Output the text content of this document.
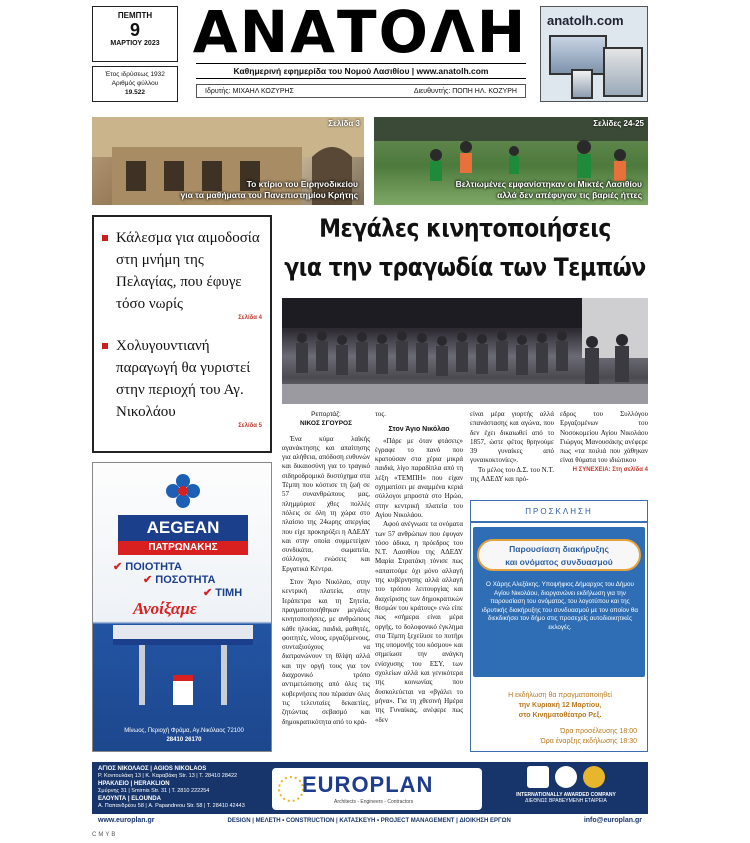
ΠΕΜΠΤΗ
9
ΜΑΡΤΙΟΥ 2023
Έτος ιδρύσεως 1932
Αριθμός φύλλου
19.522
ΑΝΑΤΟΛΗ
Καθημερινή εφημερίδα του Νομού Λασιθίου | www.anatolh.com
Ιδρυτής: ΜΙΧΑΗΛ ΚΟΖΥΡΗΣ	Διευθυντής: ΠΟΠΗ ΗΛ. ΚΟΖΥΡΗ
anatolh.com
Σελίδα 3
Το κτίριο του Ειρηνοδικείου
για τα μαθήματα του Πανεπιστημίου Κρήτης
Σελίδες 24-25
Βελτιωμένες εμφανίστηκαν οι Μικτές Λασιθίου
αλλά δεν απέφυγαν τις βαριές ήττες
Κάλεσμα για αιμοδοσία στη μνήμη της Πελαγίας, που έφυγε τόσο νωρίς
Σελίδα 4
Χολυγουντιανή παραγωγή θα γυριστεί στην περιοχή του Αγ. Νικολάου
Σελίδα 5
AEGEAN
ΠΑΤΡΩΝΑΚΗΣ
✔ ΠΟΙΟΤΗΤΑ
✔ ΠΟΣΟΤΗΤΑ
✔ ΤΙΜΗ
Ανοίξαμε
Μίνωος, Περιοχή Φράμα, Αγ.Νικόλαος 72100
28410 26170
Μεγάλες κινητοποιήσεις
για την τραγωδία των Τεμπών
Ρεπορτάζ:
ΝΙΚΟΣ ΣΓΟΥΡΟΣ

Ένα κύμα λαϊκής αγανάκτησης και απαίτησης για αλήθεια, απόδοση ευθυνών και δικαιοσύνη για το τραγικό σιδηροδρομικό δυστύχημα στα Τέμπη που κόστισε τη ζωή σε 57 συνανθρώπους μας, πλημμύρισε χθες πολλές πόλεις σε όλη τη χώρα στο πλαίσιο της 24ωρης απεργίας που είχε προκηρύξει η ΑΔΕΔΥ και στην οποία συμμετείχαν συνδικάτα, σωματεία, σύλλογοι, ενώσεις και Εργατικά Κέντρα.

Στον Άγιο Νικόλαο, στην κεντρική πλατεία, στην Ιεράπετρα και τη Σητεία, πραγματοποιήθηκαν μεγάλες κινητοποιήσεις, με ανθρώπους κάθε ηλικίας, παιδιά, μαθητές, φοιτητές, νέους, εργαζόμενους, συνταξιούχους να διατρανώνουν τη θλίψη αλλά και την οργή τους για τον διαχρονικό τρόπο αντιμετώπισης από όλες τις κυβερνήσεις που πέρασαν όλες τις τελευταίες δεκαετίες, ζητώντας σεβασμό και δημοκρατικότητα από το κρά-

τος.

Στον Άγιο Νικόλαο

«Πάρε με όταν φτάσεις» έγραφε το πανό που κρατούσαν στα χέρια μικρά παιδιά, λίγο παραδίπλα από τη λέξη «ΤΕΜΠΗ» που είχαν σχηματίσει με αναμμένα κεριά σύλλογοι μπροστά στο Ηρώο, στην κεντρική πλατεία του Αγίου Νικολάου.

Αφού ανέγνωσε τα ονόματα των 57 ανθρώπων που έφυγαν τόσο άδικα, η πρόεδρος του Ν.Τ. Λασιθίου της ΑΔΕΔΥ Μαρία Στρατάκη τόνισε πως «απαιτούμε όχι μόνο αλλαγή της κυβέρνησης αλλά αλλαγή του τρόπου λειτουργίας και διαχείρισης των δημοκρατικών θεσμών του κράτους» ενώ είπε πως «σήμερα είναι μέρα οργής, το δολοφονικό έγκλημα στα Τέμπη ξεχείλισε το ποτήρι της υπομονής του κόσμου» και σημείωσε την ανάγκη ενίσχυσης του ΕΣΥ, των σχολείων αλλά και γενικότερα της κοινωνίας που δυσκολεύεται να «βγάλει το μήνα». Για τη χθεσινή Ημέρα της Γυναίκας, ανέφερε πως «δεν

είναι μέρα γιορτής αλλά επανάστασης και αγώνα, που δεν έχει δικαιωθεί από το 1857, ώστε φέτος θρηνούμε 39 γυναίκες από γυναικοκτονίες».

Το μέλος του Δ.Σ. του Ν.Τ. της ΑΔΕΔΥ και πρό-

εδρος του Συλλόγου Εργαζομένων του Νοσοκομείου Αγίου Νικολάου Γιώργος Μανουσάκης ανέφερε πως «τα ποιλιά που χάθηκαν είναι θύματα του ιδιώτικου

Η ΣΥΝΕΧΕΙΑ: Στη σελίδα 4
ΠΡΟΣΚΛΗΣΗ
Παρουσίαση διακήρυξης
και ονόματος συνδυασμού
Ο Χάρης Αλεξάκης, Υποψήφιος Δήμαρχος του Δήμου Αγίου Νικολάου, διοργανώνει εκδήλωση για την παρουσίαση του ονόματος, του λογοτύπου και της ιδρυτικής διακήρυξης του συνδυασμού με τον οποίον θα διεκδικήσει τον δήμο στις προσεχείς αυτοδιοικητικές εκλογές.
Η εκδήλωση θα πραγματοποιηθεί
την Κυριακή 12 Μαρτίου,
στο Κινηματοθέατρο Ρεξ.
Ώρα προσέλευσης 18:00
Ώρα έναρξης εκδήλωσης 18:30
ΑΓΙΟΣ ΝΙΚΟΛΑΟΣ | AGIOS NIKOLAOS
Ρ. Κοντουλάκη 13 | Κ. Καραβάκη Str. 13 | T. 28410 28422
ΗΡΑΚΛΕΙΟ | HERAKLION
Σμύρνης 31 | Smirnis Str. 31 | T. 2810 222254
ΕΛΟΥΝΤΑ | ELOUNDA
Α. Παπανδρέου 58 | A. Papandreou Str. 58 | T. 28410 42443
EUROPLAN
Architects - Engineers - Contractors
INTERNATIONALLY AWARDED COMPANY
ΔΙΕΘΝΩΣ ΒΡΑΒΕΥΜΕΝΗ ΕΤΑΙΡΕΙΑ
www.europlan.gr	DESIGN | ΜΕΛΕΤΗ • CONSTRUCTION | ΚΑΤΑΣΚΕΥΗ • PROJECT MANAGEMENT | ΔΙΟΙΚΗΣΗ ΕΡΓΩΝ	info@europlan.gr
CMYB
